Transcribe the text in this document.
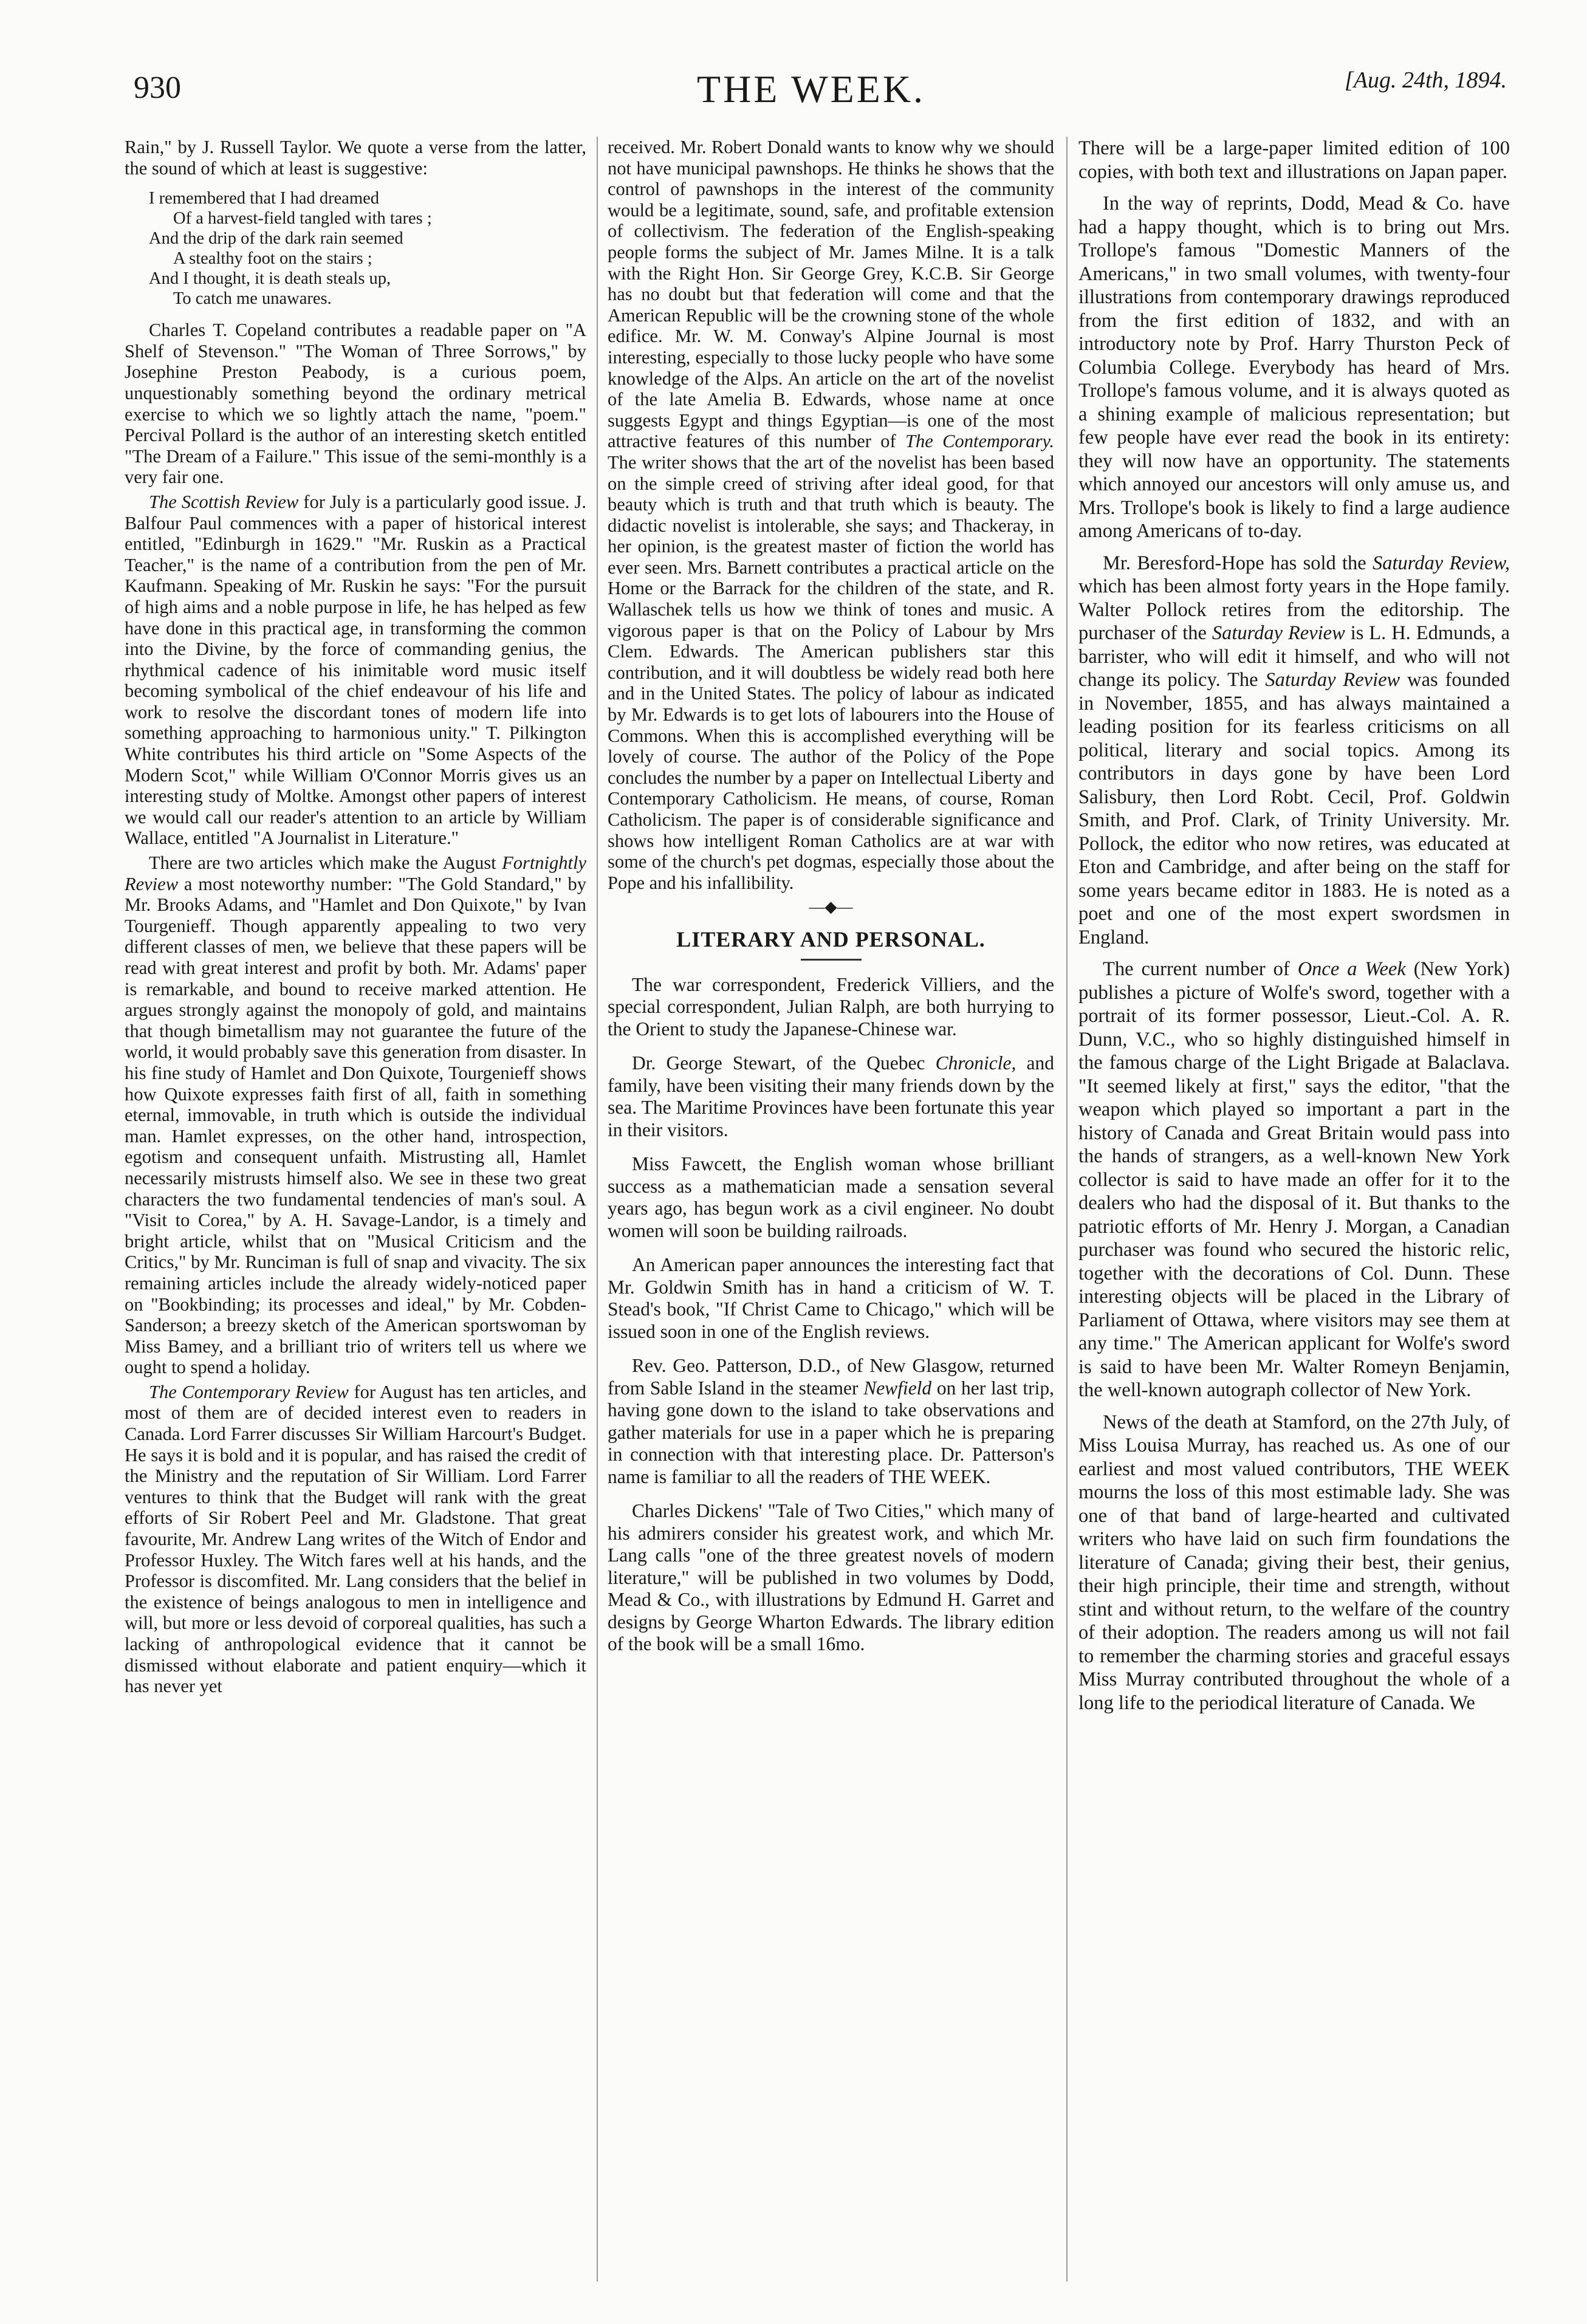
930	THE WEEK.	[Aug. 24th, 1894.

Rain," by J. Russell Taylor. We quote a verse from the latter, the sound of which at least is suggestive:

I remembered that I had dreamed
Of a harvest-field tangled with tares ;
And the drip of the dark rain seemed
A stealthy foot on the stairs ;
And I thought, it is death steals up,
To catch me unawares.

Charles T. Copeland contributes a readable paper on "A Shelf of Stevenson." "The Woman of Three Sorrows," by Josephine Preston Peabody, is a curious poem, unquestionably something beyond the ordinary metrical exercise to which we so lightly attach the name, "poem." Percival Pollard is the author of an interesting sketch entitled "The Dream of a Failure." This issue of the semi-monthly is a very fair one.

The Scottish Review for July is a particularly good issue. J. Balfour Paul commences with a paper of historical interest entitled, "Edinburgh in 1629." "Mr. Ruskin as a Practical Teacher," is the name of a contribution from the pen of Mr. Kaufmann. Speaking of Mr. Ruskin he says: "For the pursuit of high aims and a noble purpose in life, he has helped as few have done in this practical age, in transforming the common into the Divine, by the force of commanding genius, the rhythmical cadence of his inimitable word music itself becoming symbolical of the chief endeavour of his life and work to resolve the discordant tones of modern life into something approaching to harmonious unity." T. Pilkington White contributes his third article on "Some Aspects of the Modern Scot," while William O'Connor Morris gives us an interesting study of Moltke. Amongst other papers of interest we would call our reader's attention to an article by William Wallace, entitled "A Journalist in Literature."

There are two articles which make the August Fortnightly Review a most noteworthy number: "The Gold Standard," by Mr. Brooks Adams, and "Hamlet and Don Quixote," by Ivan Tourgenieff. Though apparently appealing to two very different classes of men, we believe that these papers will be read with great interest and profit by both. Mr. Adams' paper is remarkable, and bound to receive marked attention. He argues strongly against the monopoly of gold, and maintains that though bimetallism may not guarantee the future of the world, it would probably save this generation from disaster. In his fine study of Hamlet and Don Quixote, Tourgenieff shows how Quixote expresses faith first of all, faith in something eternal, immovable, in truth which is outside the individual man. Hamlet expresses, on the other hand, introspection, egotism and consequent unfaith. Mistrusting all, Hamlet necessarily mistrusts himself also. We see in these two great characters the two fundamental tendencies of man's soul. A "Visit to Corea," by A. H. Savage-Landor, is a timely and bright article, whilst that on "Musical Criticism and the Critics," by Mr. Runciman is full of snap and vivacity. The six remaining articles include the already widely-noticed paper on "Bookbinding; its processes and ideal," by Mr. Cobden-Sanderson; a breezy sketch of the American sportswoman by Miss Bamey, and a brilliant trio of writers tell us where we ought to spend a holiday.

The Contemporary Review for August has ten articles, and most of them are of decided interest even to readers in Canada. Lord Farrer discusses Sir William Harcourt's Budget. He says it is bold and it is popular, and has raised the credit of the Ministry and the reputation of Sir William. Lord Farrer ventures to think that the Budget will rank with the great efforts of Sir Robert Peel and Mr. Gladstone. That great favourite, Mr. Andrew Lang writes of the Witch of Endor and Professor Huxley. The Witch fares well at his hands, and the Professor is discomfited. Mr. Lang considers that the belief in the existence of beings analogous to men in intelligence and will, but more or less devoid of corporeal qualities, has such a lacking of anthropological evidence that it cannot be dismissed without elaborate and patient enquiry—which it has never yet

received. Mr. Robert Donald wants to know why we should not have municipal pawnshops. He thinks he shows that the control of pawnshops in the interest of the community would be a legitimate, sound, safe, and profitable extension of collectivism. The federation of the English-speaking people forms the subject of Mr. James Milne. It is a talk with the Right Hon. Sir George Grey, K.C.B. Sir George has no doubt but that federation will come and that the American Republic will be the crowning stone of the whole edifice. Mr. W. M. Conway's Alpine Journal is most interesting, especially to those lucky people who have some knowledge of the Alps. An article on the art of the novelist of the late Amelia B. Edwards, whose name at once suggests Egypt and things Egyptian—is one of the most attractive features of this number of The Contemporary. The writer shows that the art of the novelist has been based on the simple creed of striving after ideal good, for that beauty which is truth and that truth which is beauty. The didactic novelist is intolerable, she says; and Thackeray, in her opinion, is the greatest master of fiction the world has ever seen. Mrs. Barnett contributes a practical article on the Home or the Barrack for the children of the state, and R. Wallaschek tells us how we think of tones and music. A vigorous paper is that on the Policy of Labour by Mrs Clem. Edwards. The American publishers star this contribution, and it will doubtless be widely read both here and in the United States. The policy of labour as indicated by Mr. Edwards is to get lots of labourers into the House of Commons. When this is accomplished everything will be lovely of course. The author of the Policy of the Pope concludes the number by a paper on Intellectual Liberty and Contemporary Catholicism. He means, of course, Roman Catholicism. The paper is of considerable significance and shows how intelligent Roman Catholics are at war with some of the church's pet dogmas, especially those about the Pope and his infallibility.

—◆—
LITERARY AND PERSONAL.

The war correspondent, Frederick Villiers, and the special correspondent, Julian Ralph, are both hurrying to the Orient to study the Japanese-Chinese war.

Dr. George Stewart, of the Quebec Chronicle, and family, have been visiting their many friends down by the sea. The Maritime Provinces have been fortunate this year in their visitors.

Miss Fawcett, the English woman whose brilliant success as a mathematician made a sensation several years ago, has begun work as a civil engineer. No doubt women will soon be building railroads.

An American paper announces the interesting fact that Mr. Goldwin Smith has in hand a criticism of W. T. Stead's book, "If Christ Came to Chicago," which will be issued soon in one of the English reviews.

Rev. Geo. Patterson, D.D., of New Glasgow, returned from Sable Island in the steamer Newfield on her last trip, having gone down to the island to take observations and gather materials for use in a paper which he is preparing in connection with that interesting place. Dr. Patterson's name is familiar to all the readers of THE WEEK.

Charles Dickens' "Tale of Two Cities," which many of his admirers consider his greatest work, and which Mr. Lang calls "one of the three greatest novels of modern literature," will be published in two volumes by Dodd, Mead & Co., with illustrations by Edmund H. Garret and designs by George Wharton Edwards. The library edition of the book will be a small 16mo.

There will be a large-paper limited edition of 100 copies, with both text and illustrations on Japan paper.

In the way of reprints, Dodd, Mead & Co. have had a happy thought, which is to bring out Mrs. Trollope's famous "Domestic Manners of the Americans," in two small volumes, with twenty-four illustrations from contemporary drawings reproduced from the first edition of 1832, and with an introductory note by Prof. Harry Thurston Peck of Columbia College. Everybody has heard of Mrs. Trollope's famous volume, and it is always quoted as a shining example of malicious representation; but few people have ever read the book in its entirety: they will now have an opportunity. The statements which annoyed our ancestors will only amuse us, and Mrs. Trollope's book is likely to find a large audience among Americans of to-day.

Mr. Beresford-Hope has sold the Saturday Review, which has been almost forty years in the Hope family. Walter Pollock retires from the editorship. The purchaser of the Saturday Review is L. H. Edmunds, a barrister, who will edit it himself, and who will not change its policy. The Saturday Review was founded in November, 1855, and has always maintained a leading position for its fearless criticisms on all political, literary and social topics. Among its contributors in days gone by have been Lord Salisbury, then Lord Robt. Cecil, Prof. Goldwin Smith, and Prof. Clark, of Trinity University. Mr. Pollock, the editor who now retires, was educated at Eton and Cambridge, and after being on the staff for some years became editor in 1883. He is noted as a poet and one of the most expert swordsmen in England.

The current number of Once a Week (New York) publishes a picture of Wolfe's sword, together with a portrait of its former possessor, Lieut.-Col. A. R. Dunn, V.C., who so highly distinguished himself in the famous charge of the Light Brigade at Balaclava. "It seemed likely at first," says the editor, "that the weapon which played so important a part in the history of Canada and Great Britain would pass into the hands of strangers, as a well-known New York collector is said to have made an offer for it to the dealers who had the disposal of it. But thanks to the patriotic efforts of Mr. Henry J. Morgan, a Canadian purchaser was found who secured the historic relic, together with the decorations of Col. Dunn. These interesting objects will be placed in the Library of Parliament of Ottawa, where visitors may see them at any time." The American applicant for Wolfe's sword is said to have been Mr. Walter Romeyn Benjamin, the well-known autograph collector of New York.

News of the death at Stamford, on the 27th July, of Miss Louisa Murray, has reached us. As one of our earliest and most valued contributors, THE WEEK mourns the loss of this most estimable lady. She was one of that band of large-hearted and cultivated writers who have laid on such firm foundations the literature of Canada; giving their best, their genius, their high principle, their time and strength, without stint and without return, to the welfare of the country of their adoption. The readers among us will not fail to remember the charming stories and graceful essays Miss Murray contributed throughout the whole of a long life to the periodical literature of Canada. We
